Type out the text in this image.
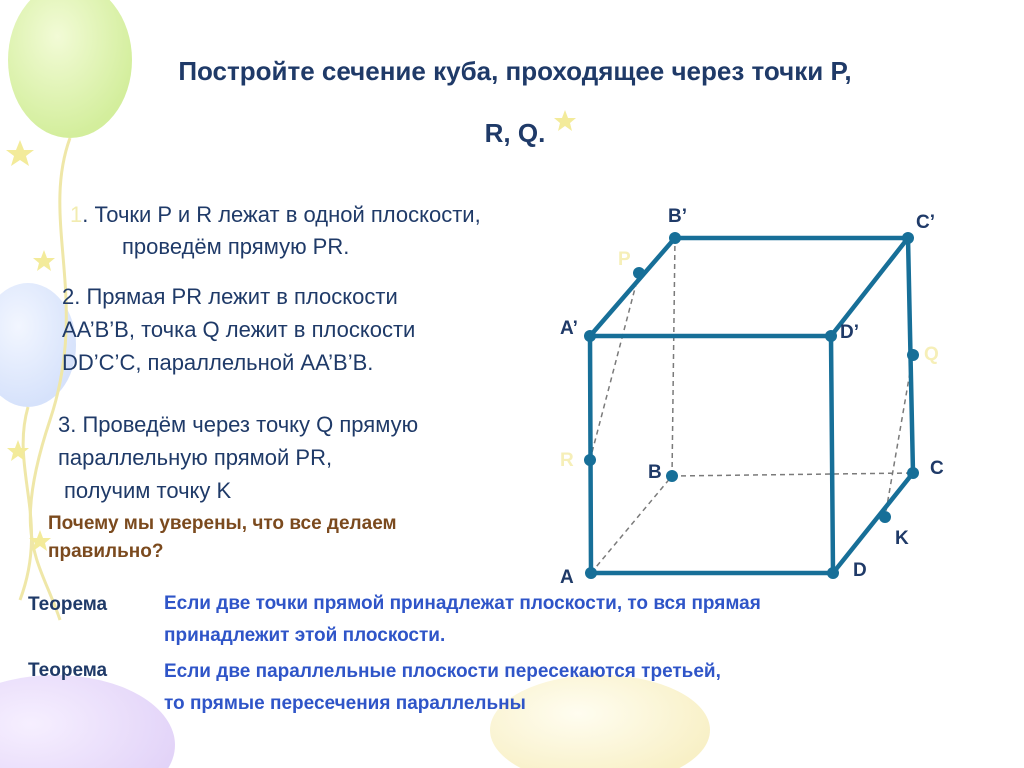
Постройте сечение куба, проходящее через точки P,
R, Q.
1. Точки P и R лежат в одной плоскости,
проведём прямую PR.
2. Прямая PR лежит в плоскости
AA’B’B, точка Q лежит в плоскости
DD’C’C, параллельной AA’B’B.
3. Проведём через точку Q прямую
параллельную прямой PR,
получим точку K
Почему мы уверены, что все делаем
правильно?
Теорема	Если две точки прямой принадлежат плоскости, то вся прямая
принадлежит этой плоскости.
Теорема	Если две параллельные плоскости пересекаются третьей,
то прямые пересечения параллельны
B’	C’
A’	D’
B	C
A	D
K
P
R
Q
